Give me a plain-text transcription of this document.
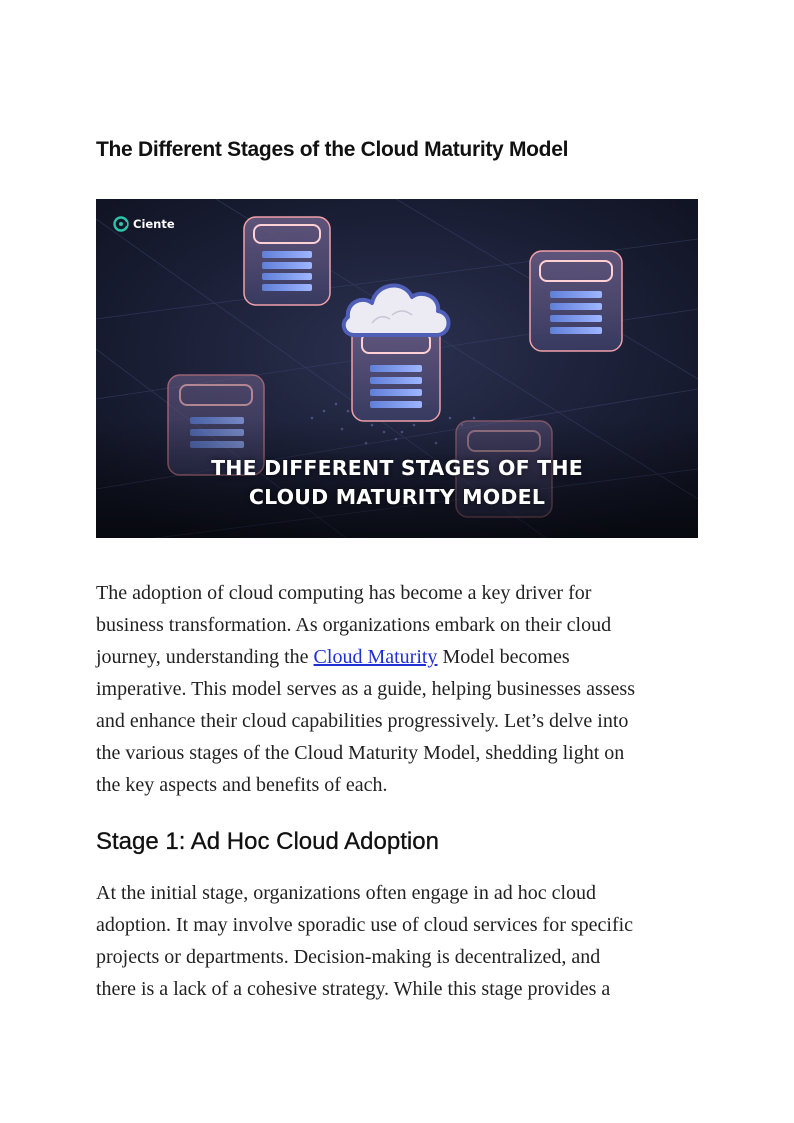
The Different Stages of the Cloud Maturity Model
Ciente
THE DIFFERENT STAGES OF THE
CLOUD MATURITY MODEL

The adoption of cloud computing has become a key driver for
business transformation. As organizations embark on their cloud
journey, understanding the Cloud Maturity Model becomes
imperative. This model serves as a guide, helping businesses assess
and enhance their cloud capabilities progressively. Let’s delve into
the various stages of the Cloud Maturity Model, shedding light on
the key aspects and benefits of each.

Stage 1: Ad Hoc Cloud Adoption

At the initial stage, organizations often engage in ad hoc cloud
adoption. It may involve sporadic use of cloud services for specific
projects or departments. Decision-making is decentralized, and
there is a lack of a cohesive strategy. While this stage provides a
